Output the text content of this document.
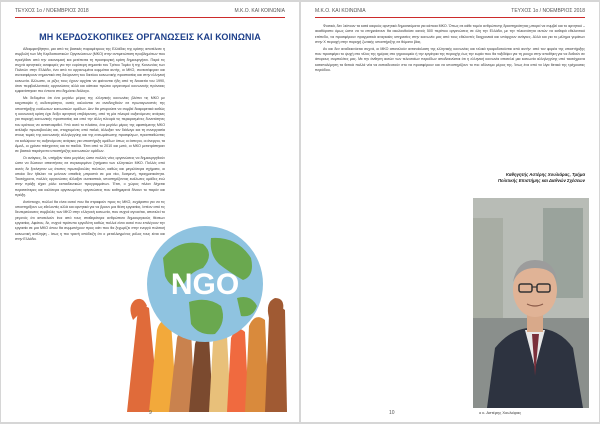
ΤΕΥΧΟΣ 1ο / ΝΟΕΜΒΡΙΟΣ 2018	Μ.Κ.Ο. ΚΑΙ ΚΟΙΝΩΝΙΑ
ΜΗ ΚΕΡΔΟΣΚΟΠΙΚΕΣ ΟΡΓΑΝΩΣΕΙΣ ΚΑΙ ΚΟΙΝΩΝΙΑ

Αδιαμφισβήτητα, μια από τις βασικές παραμέτρους της Ελλάδας της κρίσης αποτέλεσε η συμβολή των Μη Κερδοσκοπικών Οργανώσεων (ΜΚΟ) στην αντιμετώπιση προβλημάτων που προήλθαν από την οικονομική και μετέπειτα τη προσφυγική κρίση δημιουργήσει. Παρά τις συχνά αρνητικές αναφορές για την ευρύτερη σημασία του Τρίτου Τομέα ή της Κοινωνίας των Πολιτών στην Ελλάδα, ένα από τα οργανωμένα κομμάτια αυτής, οι ΜΚΟ, συνεισέφεραν και συνεισφέρουν σημαντικά στη διεύρυνση του δικτύου κοινωνικής προστασίας και στην ελληνική κοινωνία. Άλλωστε, οι ρίζες τους έχουν αρχίσει να φαίνονται ήδη από τη δεκαετία του 1990, όταν περιβαλλοντικές οργανώσεις αλλά και κάποιοι πρώτοι οργανισμοί κοινωνικής πρόνοιας εμφανίστηκαν πιο έντονα στο δημόσιο διάλογο.

Με δεδομένο ότι ένα μεγάλο μέρος της ελληνικής κοινωνίας βλέπει τις ΜΚΟ με καχυποψία ή ουδετερότητα, αυτές καλούνται να αναδειχθούν σε πρωταγωνιστές της υποστήριξης ευάλωτων κοινωνικών ομάδων. Δεν θα μπορούσε να συμβεί διαφορετικά καθώς η κοινωνική κρίση έχει δείξει αρνητική επιβάρυνση, από τη μία πλευρά αυξανόμενες ανάγκες για παροχή κοινωνικής προστασίας και από την άλλη πλευρά τις περιορισμένες δυνατότητες του κράτους να ανταποκριθεί. Υπό αυτό το πλαίσιο, ένα μεγάλο μέρος της υφιστάμενης ΜΚΟ ανέλαβε πρωτοβουλίες και, στοχευμένες από παλιά, άλλαξαν τον διάλογο και τη συνεργασία στους τομείς της κοινωνικής αλληλεγγύης και της ενσωμάτωσης προσφύγων, προσπαθώντας να καλύψουν τις αυξανόμενες ανάγκες για υποστήριξη ομάδων όπως οι άστεγοι, οι άνεργοι, τα ΑμεΑ, οι χρόνια πάσχοντες και τα παιδιά. Έτσι από το 2010 και μετά, οι ΜΚΟ μετατράπηκαν σε βασικό παράγοντα υποστήριξης κοινωνικών ομάδων.

Οι ανάγκες, δε, υπήρξαν τόσο μεγάλες ώστε πολλές νέες οργανώσεις να δημιουργηθούν ώστε να δώσουν απαντήσεις σε συγκεκριμένα ζητήματα των ελληνικών ΜΚΟ. Πολλές από αυτές δε ξεκίνησαν ως άτυπες πρωτοβουλίες πολιτών, καθώς και μεγαλύτερα σχήματα, οι οποίοι δεν ήθελαν να μείνουν απαθείς μπροστά σε μια νέα, δυσμενή, πραγματικότητα. Ταυτόχρονα, πολλές οργανώσεις άλλαξαν ουσιαστικά, υποστηρίζοντας ευάλωτες ομάδες ενώ στην πράξη είχαν ρόλο εκπαιδευτικών προγραμμάτων. Έτσι, ο χώρος πλέον δέχεται περισσότερες και καλύτερα οργανωμένες οργανώσεις που καθημερινά δίνουν το παρόν και πράξη.

Αντίστοιχα, πολλοί θα είναι αυτοί που θα στραφούν προς τις ΜΚΟ, ευχάριστα για να τις υποστηρίξουν ως εθελοντές αλλά και αρνητικά για να βρουν μια θέση εργασίας. Ιστέον από τις δευτερεύουσες συμβολές των ΜΚΟ στην ελληνική κοινωνία, που συχνά αγνοείται, αποτελεί το γεγονός ότι αποτελούν ένα από τους σταθερότερα ανθρώπινα δημιουργικούς θέσεων εργασίας. Αφότου, δε, συχνά πρότυπο εργοδότη καθώς πολλοί είναι αυτοί που επιλέγουν την εργασία σε μια ΜΚΟ όπου θα συμμετέχουν προς κάτι που θα ξεχωρίζει στην ενεργό πολιτική κοινωνική αντίληψη - ίσως η πιο τρανή απόδειξη ότι ο μεταλλαγμένος ρόλος τους είναι και στην Ελλάδα.

NGO
9
Μ.Κ.Ο. ΚΑΙ ΚΟΙΝΩΝΙΑ	ΤΕΥΧΟΣ 1ο / ΝΟΕΜΒΡΙΟΣ 2018

Φυσικά, δεν λείπουν τα κατά καιρούς αρνητικά δημοσιεύματα για κάποια ΜΚΟ. Όπως σε κάθε τομέα ανθρώπινης δραστηριότητας μπορεί να συμβεί και το αρνητικό – ακαθόριστο όμως ώστε να το επηρεάσουν θα ακολουθούσε κανείς 500 περίπου οργανώσεις σε όλη την Ελλάδα, με την πλειονότητα αυτών να καθαρά εθελοντικό επίπεδο, να προσφέρουν πραγματικά αναγκαίες υπηρεσίες στην κοινωνία μας από τους εθελοντές διαχρονικά και υπάρχουν ανάγκες. Αλλά και για το μέλημα γεμάτων στην Χ περιοχή στην παροχή ζωτικής υποστήριξης σε θύματα βίας.

Αν και δεν αναδεικνύεται συχνά, οι ΜΚΟ αποτελούν αντανάκλαση της ελληνικής κοινωνίας και τελικά τροφοδοτούνται από αυτήν: από τον φορέα της υποστήριξης που προσφέρει το ψυχή στο τέλος της ημέρας στο γηροκομείο ή την εργάτρια της περιοχής έως την κυρία που θα ταξιδέψει για τη ρουχο στην αποθήκη για να δοθούν σε άπορους συμπολίτες μας. Με την άνθηση αυτών των τελευταίων περιόδων αποδεικνύεται ότι η ελληνική κοινωνία αποτελεί μια κοινωνία αλληλεγγύης υπό ταυτόχρονα καταπολέμηση τα θετικά πολλά νέα να εκπαιδευτούν στο να προσφέρουν και να υποστηρίζουν το πιο αδύναμο μέρος της. Ίσως ένα από τα λίγα θετικά της τρέχουσας περιόδου.

Καθηγητής Αστέρης Χουλιάρας, Τμήμα
Πολιτικής Επιστήμης και Διεθνών Σχέσεων
ο κ. Αστέρης Χουλιάρας
10
